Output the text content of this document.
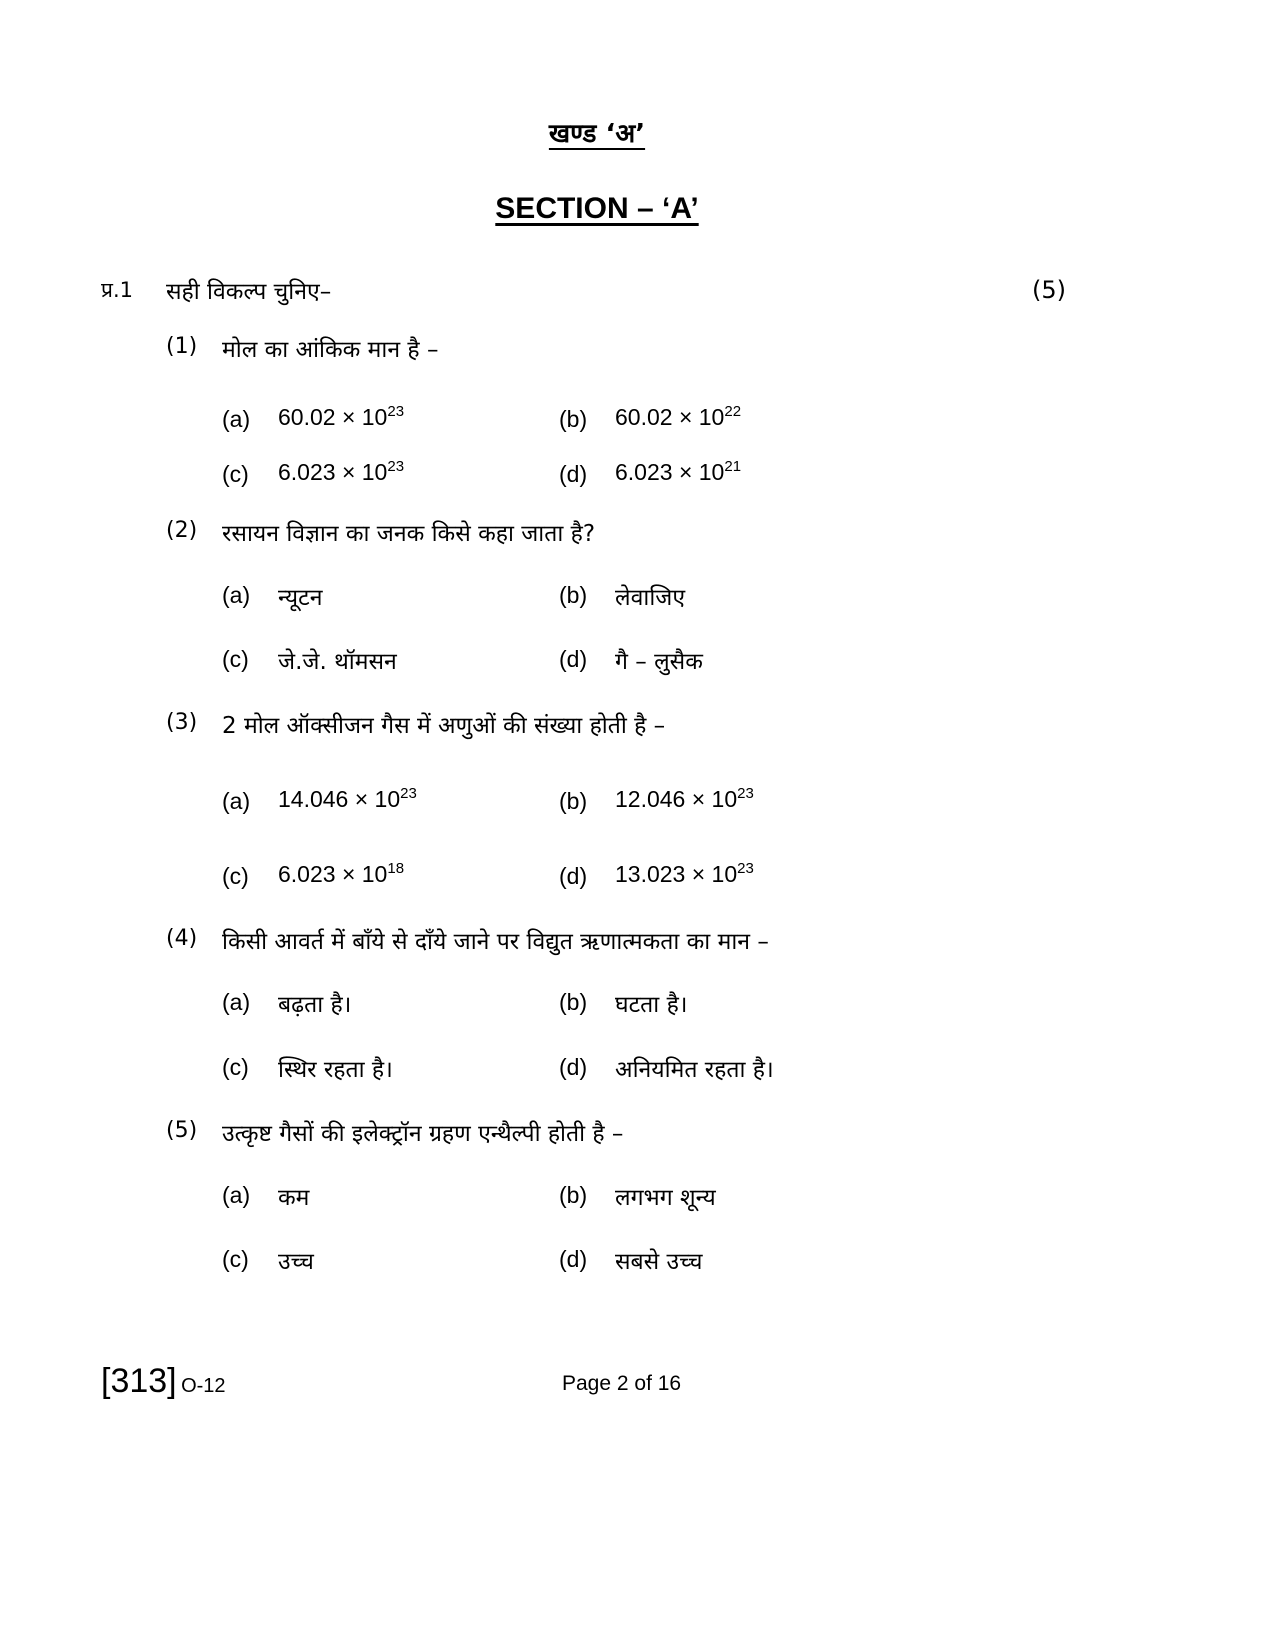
खण्ड ‘अ’
SECTION – ‘A’
प्र.1 सही विकल्प चुनिए–	(5)
(1) मोल का आंकिक मान है –
(a) $60.02 \times 10^{23}$	(b) $60.02 \times 10^{22}$
(c) $6.023 \times 10^{23}$	(d) $6.023 \times 10^{21}$
(2) रसायन विज्ञान का जनक किसे कहा जाता है?
(a) न्यूटन	(b) लेवाजिए
(c) जे.जे. थॉमसन	(d) गै – लुसैक
(3) 2 मोल ऑक्सीजन गैस में अणुओं की संख्या होती है –
(a) $14.046 \times 10^{23}$	(b) $12.046 \times 10^{23}$
(c) $6.023 \times 10^{18}$	(d) $13.023 \times 10^{23}$
(4) किसी आवर्त में बाँये से दाँये जाने पर विद्युत ऋणात्मकता का मान –
(a) बढ़ता है।	(b) घटता है।
(c) स्थिर रहता है।	(d) अनियमित रहता है।
(5) उत्कृष्ट गैसों की इलेक्ट्रॉन ग्रहण एन्थैल्पी होती है –
(a) कम	(b) लगभग शून्य
(c) उच्च	(d) सबसे उच्च
[313] O-12	Page 2 of 16
